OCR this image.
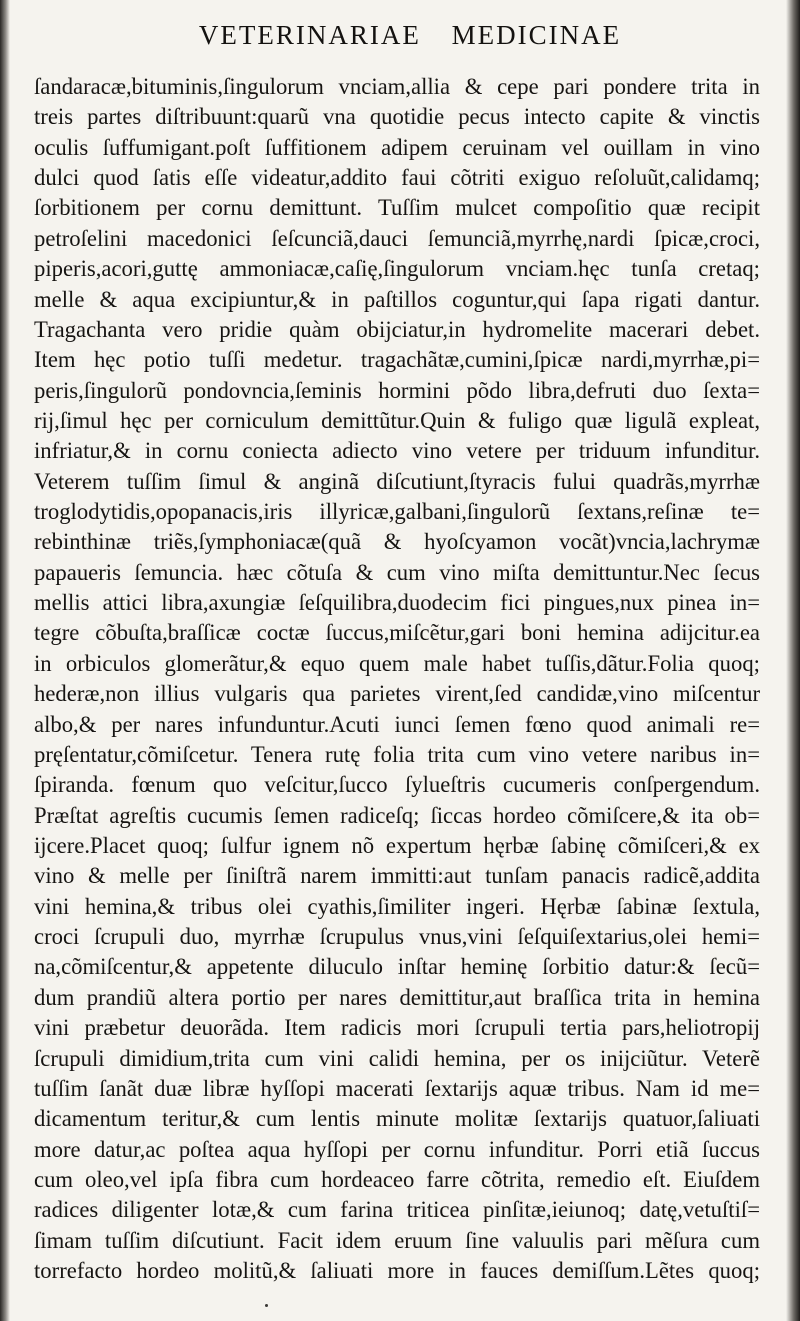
VETERINARIAE MEDICINAE
ſandaracæ,bituminis,ſingulorum vnciam,allia & cepe pari pondere trita in
treis partes diſtribuunt:quarũ vna quotidie pecus intecto capite & vinctis
oculis ſuffumigant.poſt ſuffitionem adipem ceruinam vel ouillam in vino
dulci quod ſatis eſſe videatur,addito faui cõtriti exiguo reſoluũt,calidamq;
ſorbitionem per cornu demittunt. Tuſſim mulcet compoſitio quæ recipit
petroſelini macedonici ſeſcunciã,dauci ſemunciã,myrrhę,nardi ſpicæ,croci,
piperis,acori,guttę ammoniacæ,caſię,ſingulorum vnciam.hęc tunſa cretaq;
melle & aqua excipiuntur,& in paſtillos coguntur,qui ſapa rigati dantur.
Tragachanta vero pridie quàm obijciatur,in hydromelite macerari debet.
Item hęc potio tuſſi medetur. tragachãtæ,cumini,ſpicæ nardi,myrrhæ,pi=
peris,ſingulorũ pondovncia,ſeminis hormini põdo libra,defruti duo ſexta=
rij,ſimul hęc per corniculum demittũtur.Quin & fuligo quæ ligulã expleat,
infriatur,& in cornu coniecta adiecto vino vetere per triduum infunditur.
Veterem tuſſim ſimul & anginã diſcutiunt,ſtyracis fului quadrãs,myrrhæ
troglodytidis,opopanacis,iris illyricæ,galbani,ſingulorũ ſextans,reſinæ te=
rebinthinæ triẽs,ſymphoniacæ(quã & hyoſcyamon vocãt)vncia,lachrymæ
papaueris ſemuncia. hæc cõtuſa & cum vino miſta demittuntur.Nec ſecus
mellis attici libra,axungiæ ſeſquilibra,duodecim fici pingues,nux pinea in=
tegre cõbuſta,braſſicæ coctæ ſuccus,miſcẽtur,gari boni hemina adijcitur.ea
in orbiculos glomerãtur,& equo quem male habet tuſſis,dãtur.Folia quoq;
hederæ,non illius vulgaris qua parietes virent,ſed candidæ,vino miſcentur
albo,& per nares infunduntur.Acuti iunci ſemen fœno quod animali re=
pręſentatur,cõmiſcetur. Tenera rutę folia trita cum vino vetere naribus in=
ſpiranda. fœnum quo veſcitur,ſucco ſylueſtris cucumeris conſpergendum.
Præſtat agreſtis cucumis ſemen radiceſq; ſiccas hordeo cõmiſcere,& ita ob=
ijcere.Placet quoq; ſulfur ignem nõ expertum hęrbæ ſabinę cõmiſceri,& ex
vino & melle per ſiniſtrã narem immitti:aut tunſam panacis radicẽ,addita
vini hemina,& tribus olei cyathis,ſimiliter ingeri. Hęrbæ ſabinæ ſextula,
croci ſcrupuli duo, myrrhæ ſcrupulus vnus,vini ſeſquiſextarius,olei hemi=
na,cõmiſcentur,& appetente diluculo inſtar heminę ſorbitio datur:& ſecũ=
dum prandiũ altera portio per nares demittitur,aut braſſica trita in hemina
vini præbetur deuorãda. Item radicis mori ſcrupuli tertia pars,heliotropij
ſcrupuli dimidium,trita cum vini calidi hemina, per os inijciũtur. Veterẽ
tuſſim ſanãt duæ libræ hyſſopi macerati ſextarijs aquæ tribus. Nam id me=
dicamentum teritur,& cum lentis minute molitæ ſextarijs quatuor,ſaliuati
more datur,ac poſtea aqua hyſſopi per cornu infunditur. Porri etiã ſuccus
cum oleo,vel ipſa fibra cum hordeaceo farre cõtrita, remedio eſt. Eiuſdem
radices diligenter lotæ,& cum farina triticea pinſitæ,ieiunoq; datę,vetuſtiſ=
ſimam tuſſim diſcutiunt. Facit idem eruum ſine valuulis pari mẽſura cum
torrefacto hordeo molitũ,& ſaliuati more in fauces demiſſum.Lẽtes quoq;
